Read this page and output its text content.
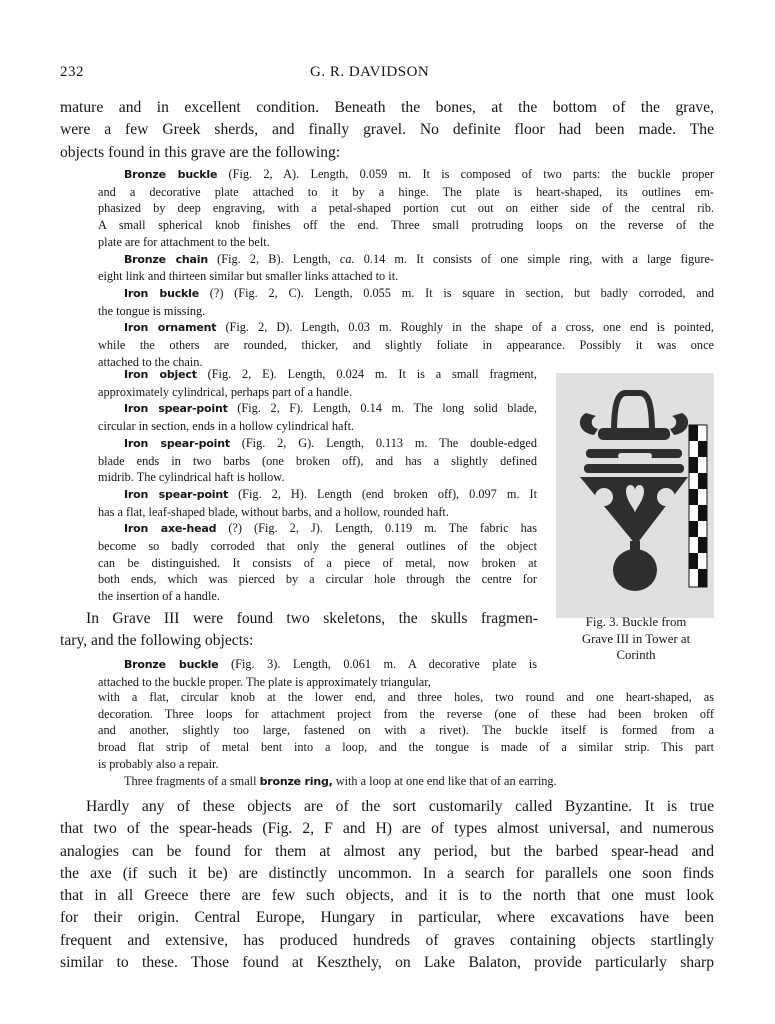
232	G. R. DAVIDSON

mature and in excellent condition. Beneath the bones, at the bottom of the grave,

were a few Greek sherds, and finally gravel. No definite floor had been made. The

objects found in this grave are the following:

Bronze buckle (Fig. 2, A). Length, 0.059 m. It is composed of two parts: the buckle proper

and a decorative plate attached to it by a hinge. The plate is heart-shaped, its outlines em-

phasized by deep engraving, with a petal-shaped portion cut out on either side of the central rib.

A small spherical knob finishes off the end. Three small protruding loops on the reverse of the

plate are for attachment to the belt.

Bronze chain (Fig. 2, B). Length, ca. 0.14 m. It consists of one simple ring, with a large figure-

eight link and thirteen similar but smaller links attached to it.

Iron buckle (?) (Fig. 2, C). Length, 0.055 m. It is square in section, but badly corroded, and

the tongue is missing.

Iron ornament (Fig. 2, D). Length, 0.03 m. Roughly in the shape of a cross, one end is pointed,

while the others are rounded, thicker, and slightly foliate in appearance. Possibly it was once

attached to the chain.

Iron object (Fig. 2, E). Length, 0.024 m. It is a small fragment,

approximately cylindrical, perhaps part of a handle.

Iron spear-point (Fig. 2, F). Length, 0.14 m. The long solid blade,

circular in section, ends in a hollow cylindrical haft.

Iron spear-point (Fig. 2, G). Length, 0.113 m. The double-edged

blade ends in two barbs (one broken off), and has a slightly defined

midrib. The cylindrical haft is hollow.

Iron spear-point (Fig. 2, H). Length (end broken off), 0.097 m. It

has a flat, leaf-shaped blade, without barbs, and a hollow, rounded haft.

Iron axe-head (?) (Fig. 2, J). Length, 0.119 m. The fabric has

become so badly corroded that only the general outlines of the object

can be distinguished. It consists of a piece of metal, now broken at

both ends, which was pierced by a circular hole through the centre for

the insertion of a handle.

Fig. 3. Buckle from
Grave III in Tower at
Corinth

In Grave III were found two skeletons, the skulls fragmen-

tary, and the following objects:

Bronze buckle (Fig. 3). Length, 0.061 m. A decorative plate is

attached to the buckle proper. The plate is approximately triangular,

with a flat, circular knob at the lower end, and three holes, two round and one heart-shaped, as

decoration. Three loops for attachment project from the reverse (one of these had been broken off

and another, slightly too large, fastened on with a rivet). The buckle itself is formed from a

broad flat strip of metal bent into a loop, and the tongue is made of a similar strip. This part

is probably also a repair.

Three fragments of a small bronze ring, with a loop at one end like that of an earring.

Hardly any of these objects are of the sort customarily called Byzantine. It is true

that two of the spear-heads (Fig. 2, F and H) are of types almost universal, and numerous

analogies can be found for them at almost any period, but the barbed spear-head and

the axe (if such it be) are distinctly uncommon. In a search for parallels one soon finds

that in all Greece there are few such objects, and it is to the north that one must look

for their origin. Central Europe, Hungary in particular, where excavations have been

frequent and extensive, has produced hundreds of graves containing objects startlingly

similar to these. Those found at Keszthely, on Lake Balaton, provide particularly sharp
